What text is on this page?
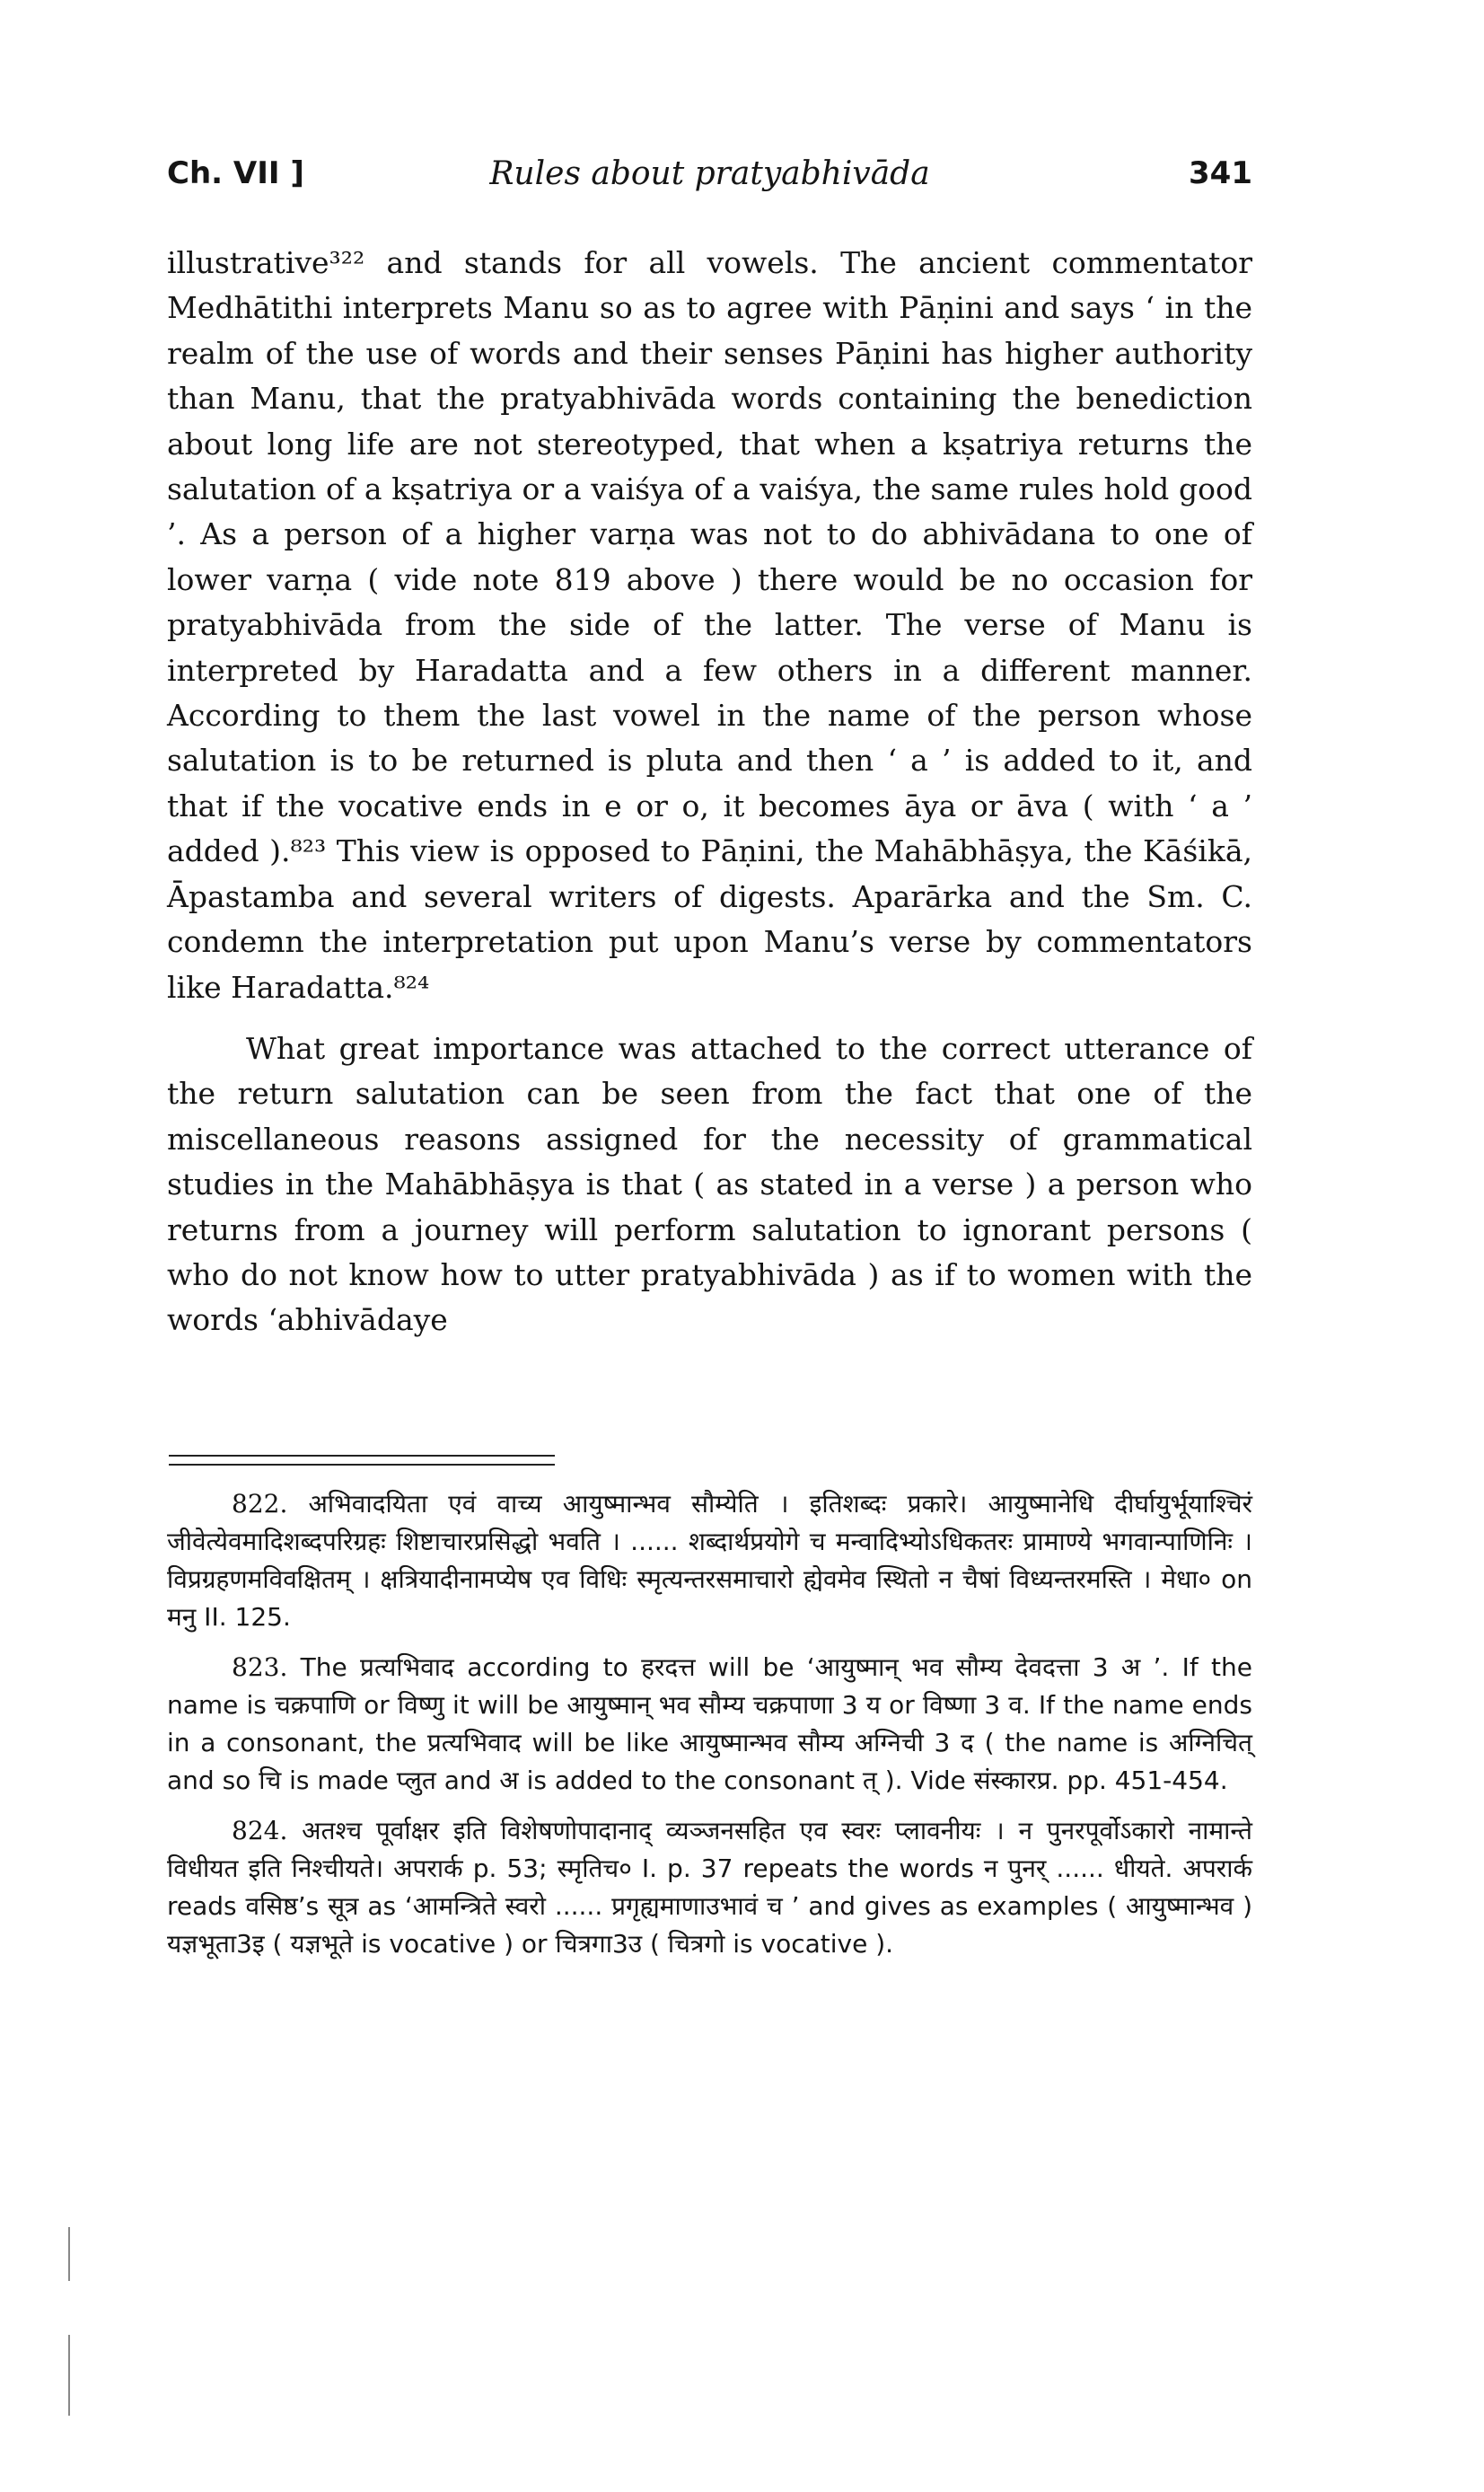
Ch. VII ]	Rules about pratyabhivāda	341

illustrative³²² and stands for all vowels. The ancient commentator Medhātithi interprets Manu so as to agree with Pāṇini and says ‘ in the realm of the use of words and their senses Pāṇini has higher authority than Manu, that the pratyabhivāda words containing the benediction about long life are not stereotyped, that when a kṣatriya returns the salutation of a kṣatriya or a vaiśya of a vaiśya, the same rules hold good ’. As a person of a higher varṇa was not to do abhivādana to one of lower varṇa ( vide note 819 above ) there would be no occasion for pratyabhivāda from the side of the latter. The verse of Manu is interpreted by Haradatta and a few others in a different manner. According to them the last vowel in the name of the person whose salutation is to be returned is pluta and then ‘ a ’ is added to it, and that if the vocative ends in e or o, it becomes āya or āva ( with ‘ a ’ added ).⁸²³ This view is opposed to Pāṇini, the Mahābhāṣya, the Kāśikā, Āpastamba and several writers of digests. Aparārka and the Sm. C. condemn the interpretation put upon Manu’s verse by commentators like Haradatta.⁸²⁴

What great importance was attached to the correct utterance of the return salutation can be seen from the fact that one of the miscellaneous reasons assigned for the necessity of grammatical studies in the Mahābhāṣya is that ( as stated in a verse ) a person who returns from a journey will perform salutation to ignorant persons ( who do not know how to utter pratyabhivāda ) as if to women with the words ‘abhivādaye

822. अभिवादयिता एवं वाच्य आयुष्मान्भव सौम्येति । इतिशब्दः प्रकारे। आयुष्मानेधि दीर्घायुर्भूयाश्चिरं जीवेत्येवमादिशब्दपरिग्रहः शिष्टाचारप्रसिद्धो भवति । ...... शब्दार्थप्रयोगे च मन्वादिभ्योऽधिकतरः प्रामाण्ये भगवान्पाणिनिः । विप्रग्रहणमविवक्षितम् । क्षत्रियादीनामप्येष एव विधिः स्मृत्यन्तरसमाचारो ह्येवमेव स्थितो न चैषां विध्यन्तरमस्ति । मेधा० on मनु II. 125.

823. The प्रत्यभिवाद according to हरदत्त will be ‘आयुष्मान् भव सौम्य देवदत्ता 3 अ ’. If the name is चक्रपाणि or विष्णु it will be आयुष्मान् भव सौम्य चक्रपाणा 3 य or विष्णा 3 व. If the name ends in a consonant, the प्रत्यभिवाद will be like आयुष्मान्भव सौम्य अग्निची 3 द ( the name is अग्निचित् and so चि is made प्लुत and अ is added to the consonant त् ). Vide संस्कारप्र. pp. 451-454.

824. अतश्च पूर्वाक्षर इति विशेषणोपादानाद् व्यञ्जनसहित एव स्वरः प्लावनीयः । न पुनरपूर्वोऽकारो नामान्ते विधीयत इति निश्चीयते। अपरार्क p. 53; स्मृतिच० I. p. 37 repeats the words न पुनर् ...... धीयते. अपरार्क reads वसिष्ठ’s सूत्र as ‘आमन्त्रिते स्वरो ...... प्रगृह्यमाणाउभावं च ’ and gives as examples ( आयुष्मान्भव ) यज्ञभूता3इ ( यज्ञभूते is vocative ) or चित्रगा3उ ( चित्रगो is vocative ).
